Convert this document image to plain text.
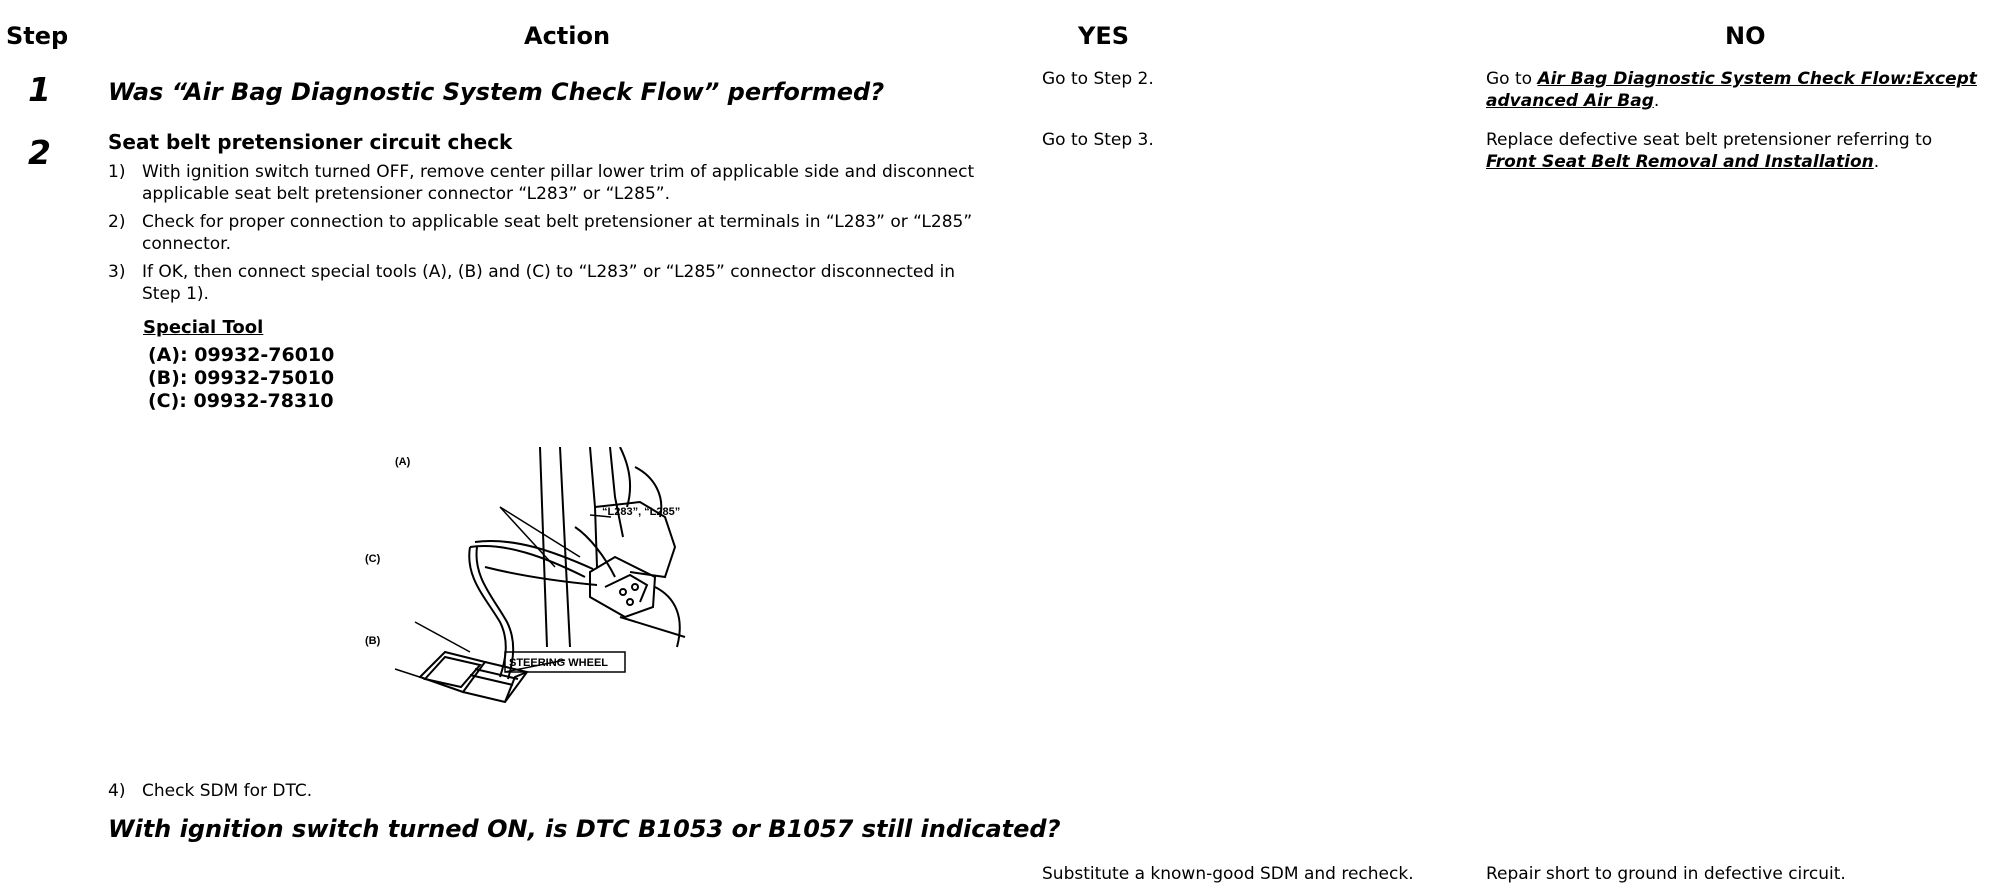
Step	Action	YES	NO
1 Was “Air Bag Diagnostic System Check Flow” performed?	Go to Step 2.	Go to Air Bag Diagnostic System Check Flow:Except advanced Air Bag.
2	Seat belt pretensioner circuit check	Go to Step 3.	Replace defective seat belt pretensioner referring to Front Seat Belt Removal and Installation.
1) With ignition switch turned OFF, remove center pillar lower trim of applicable side and disconnect applicable seat belt pretensioner connector “L283” or “L285”.
2) Check for proper connection to applicable seat belt pretensioner at terminals in “L283” or “L285” connector.
3) If OK, then connect special tools (A), (B) and (C) to “L283” or “L285” connector disconnected in Step 1).
Special Tool
(A): 09932-76010
(B): 09932-75010
(C): 09932-78310
(A)
(C)
(B)
“L283”, “L285”
STEERING WHEEL
4) Check SDM for DTC.
With ignition switch turned ON, is DTC B1053 or B1057 still indicated?
Substitute a known-good SDM and recheck.	Repair short to ground in defective circuit.
